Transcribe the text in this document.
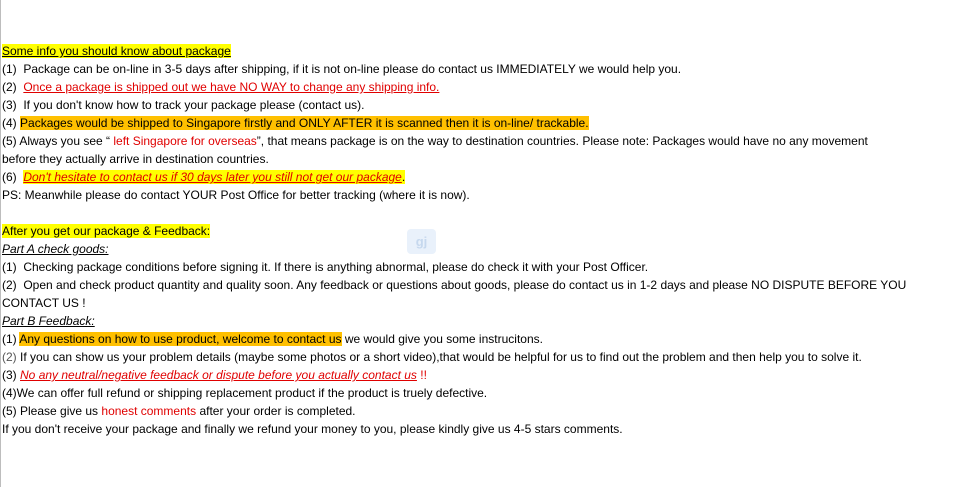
gj
Some info you should know about package
(1) Package can be on-line in 3-5 days after shipping, if it is not on-line please do contact us IMMEDIATELY we would help you.
(2) Once a package is shipped out we have NO WAY to change any shipping info.
(3) If you don't know how to track your package please (contact us).
(4) Packages would be shipped to Singapore firstly and ONLY AFTER it is scanned then it is on-line/ trackable.
(5) Always you see “ left Singapore for overseas”, that means package is on the way to destination countries. Please note: Packages would have no any movement
before they actually arrive in destination countries.
(6) Don't hesitate to contact us if 30 days later you still not get our package.
PS: Meanwhile please do contact YOUR Post Office for better tracking (where it is now).
After you get our package & Feedback:
Part A check goods:
(1) Checking package conditions before signing it. If there is anything abnormal, please do check it with your Post Officer.
(2) Open and check product quantity and quality soon. Any feedback or questions about goods, please do contact us in 1-2 days and please NO DISPUTE BEFORE YOU
CONTACT US !
Part B Feedback:
(1) Any questions on how to use product, welcome to contact us we would give you some instrucitons.
(2) If you can show us your problem details (maybe some photos or a short video),that would be helpful for us to find out the problem and then help you to solve it.
(3) No any neutral/negative feedback or dispute before you actually contact us !!
(4)We can offer full refund or shipping replacement product if the product is truely defective.
(5) Please give us honest comments after your order is completed.
If you don't receive your package and finally we refund your money to you, please kindly give us 4-5 stars comments.
